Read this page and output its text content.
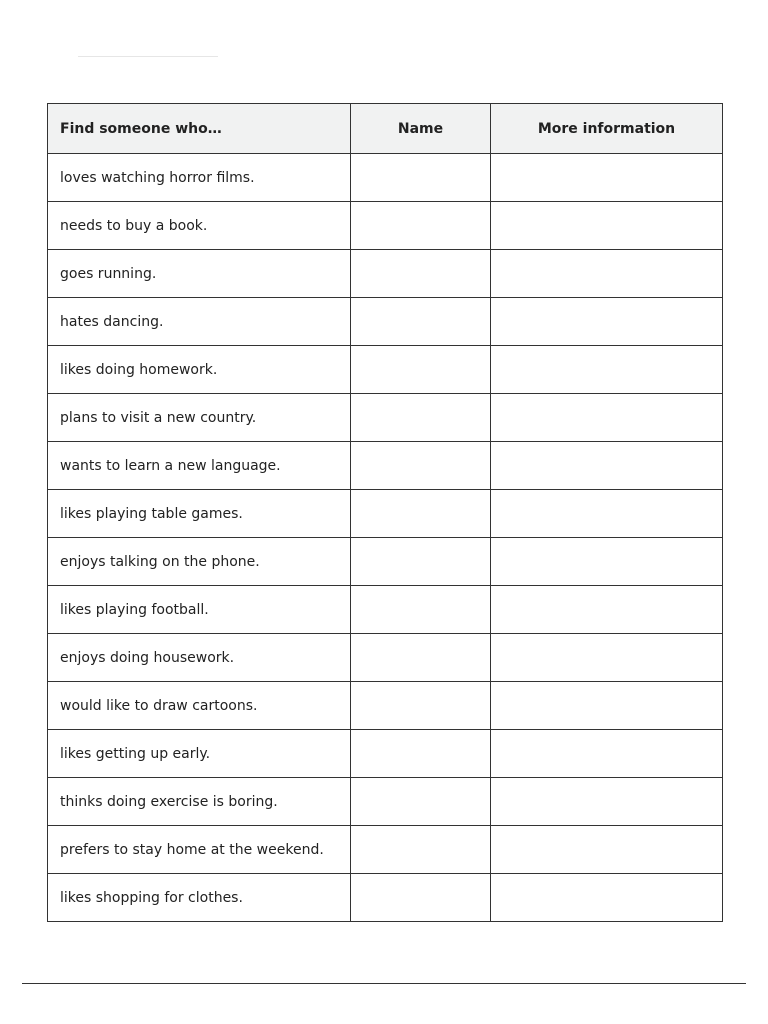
Find someone who…	Name	More information
loves watching horror films.		
needs to buy a book.		
goes running.		
hates dancing.		
likes doing homework.		
plans to visit a new country.		
wants to learn a new language.		
likes playing table games.		
enjoys talking on the phone.		
likes playing football.		
enjoys doing housework.		
would like to draw cartoons.		
likes getting up early.		
thinks doing exercise is boring.		
prefers to stay home at the weekend.		
likes shopping for clothes.		
